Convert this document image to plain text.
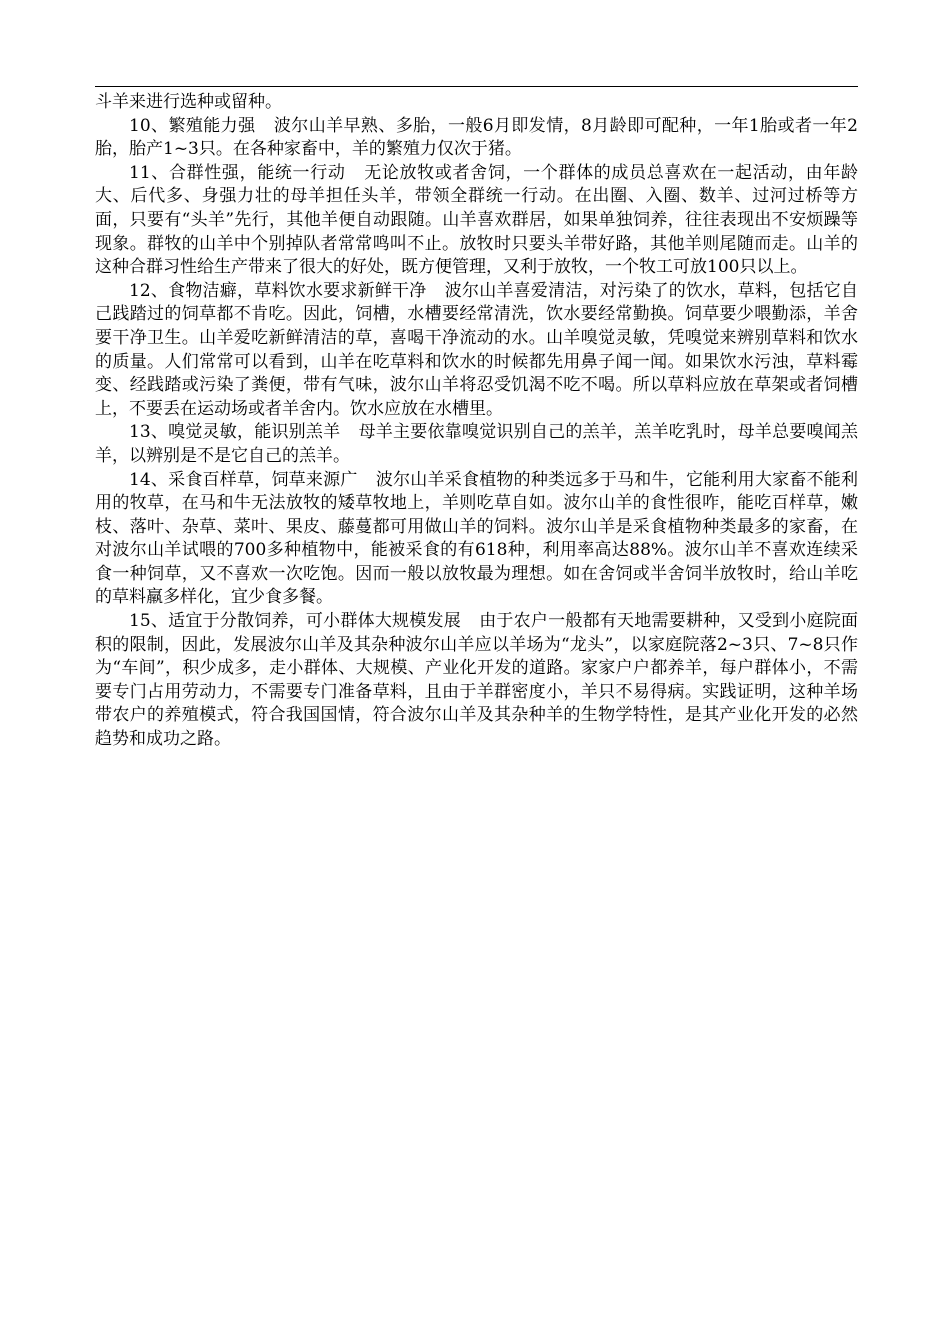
斗羊来进行选种或留种。

10、繁殖能力强 波尔山羊早熟、多胎，一般6月即发情，8月龄即可配种，一年1胎或者一年2胎，胎产1~3只。在各种家畜中，羊的繁殖力仅次于猪。

11、合群性强，能统一行动 无论放牧或者舍饲，一个群体的成员总喜欢在一起活动，由年龄大、后代多、身强力壮的母羊担任头羊，带领全群统一行动。在出圈、入圈、数羊、过河过桥等方面，只要有“头羊”先行，其他羊便自动跟随。山羊喜欢群居，如果单独饲养，往往表现出不安烦躁等现象。群牧的山羊中个别掉队者常常鸣叫不止。放牧时只要头羊带好路，其他羊则尾随而走。山羊的这种合群习性给生产带来了很大的好处，既方便管理，又利于放牧，一个牧工可放100只以上。

12、食物洁癖，草料饮水要求新鲜干净 波尔山羊喜爱清洁，对污染了的饮水，草料，包括它自己践踏过的饲草都不肯吃。因此，饲槽，水槽要经常清洗，饮水要经常勤换。饲草要少喂勤添，羊舍要干净卫生。山羊爱吃新鲜清洁的草，喜喝干净流动的水。山羊嗅觉灵敏，凭嗅觉来辨别草料和饮水的质量。人们常常可以看到，山羊在吃草料和饮水的时候都先用鼻子闻一闻。如果饮水污浊，草料霉变、经践踏或污染了粪便，带有气味，波尔山羊将忍受饥渴不吃不喝。所以草料应放在草架或者饲槽上，不要丢在运动场或者羊舍内。饮水应放在水槽里。

13、嗅觉灵敏，能识别羔羊 母羊主要依靠嗅觉识别自己的羔羊，羔羊吃乳时，母羊总要嗅闻羔羊，以辨别是不是它自己的羔羊。

14、采食百样草，饲草来源广 波尔山羊采食植物的种类远多于马和牛，它能利用大家畜不能利用的牧草，在马和牛无法放牧的矮草牧地上，羊则吃草自如。波尔山羊的食性很咋，能吃百样草，嫩枝、落叶、杂草、菜叶、果皮、藤蔓都可用做山羊的饲料。波尔山羊是采食植物种类最多的家畜，在对波尔山羊试喂的700多种植物中，能被采食的有618种，利用率高达88%。波尔山羊不喜欢连续采食一种饲草，又不喜欢一次吃饱。因而一般以放牧最为理想。如在舍饲或半舍饲半放牧时，给山羊吃的草料羸多样化，宜少食多餐。

15、适宜于分散饲养，可小群体大规模发展 由于农户一般都有天地需要耕种，又受到小庭院面积的限制，因此，发展波尔山羊及其杂种波尔山羊应以羊场为“龙头”，以家庭院落2~3只、7~8只作为“车间”，积少成多，走小群体、大规模、产业化开发的道路。家家户户都养羊，每户群体小，不需要专门占用劳动力，不需要专门准备草料，且由于羊群密度小，羊只不易得病。实践证明，这种羊场带农户的养殖模式，符合我国国情，符合波尔山羊及其杂种羊的生物学特性，是其产业化开发的必然趋势和成功之路。
